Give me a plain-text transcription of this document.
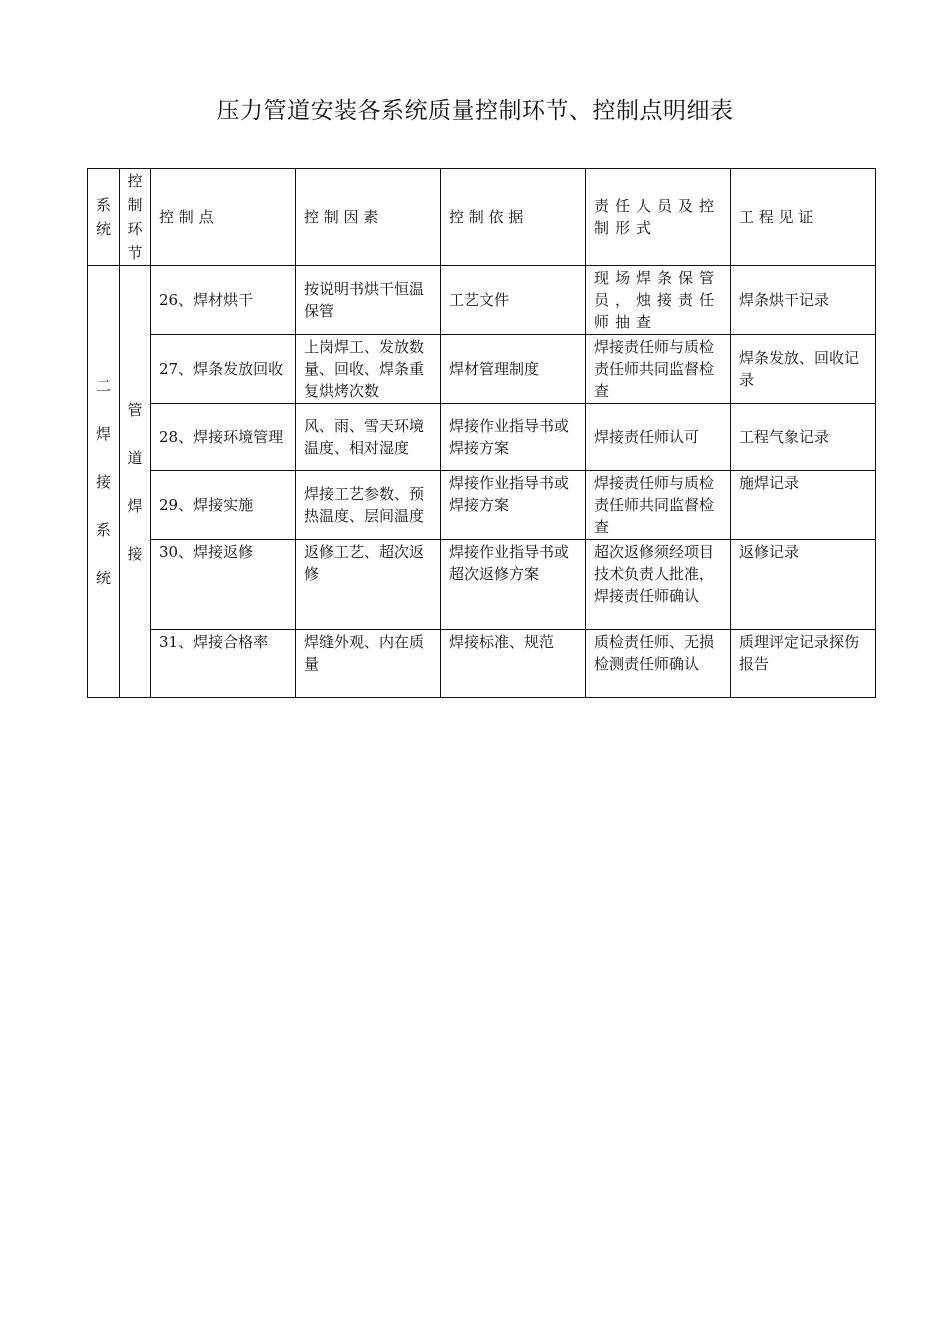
压力管道安装各系统质量控制环节、控制点明细表
系统	控制环节	控 制 点	控 制 因 素	控 制 依 据	责任人员及控制形式	工 程 见 证

二焊接系统	管道焊接	26、焊材烘干	按说明书烘干恒温保管	工艺文件	现场焊条保管员，烛接责任师抽查	焊条烘干记录
		27、焊条发放回收	上岗焊工、发放数量、回收、焊条重复烘烤次数	焊材管理制度	焊接责任师与质检责任师共同监督检查	焊条发放、回收记录
		28、焊接环境管理	风、雨、雪天环境温度、相对湿度	焊接作业指导书或焊接方案	焊接责任师认可	工程气象记录
		29、焊接实施	焊接工艺参数、预热温度、层间温度	焊接作业指导书或焊接方案	焊接责任师与质检责任师共同监督检查	施焊记录
		30、焊接返修	返修工艺、超次返修	焊接作业指导书或超次返修方案	超次返修须经项目技术负责人批准，焊接责任师确认	返修记录
		31、焊接合格率	焊缝外观、内在质量	焊接标准、规范	质检责任师、无损检测责任师确认	质理评定记录探伤报告
